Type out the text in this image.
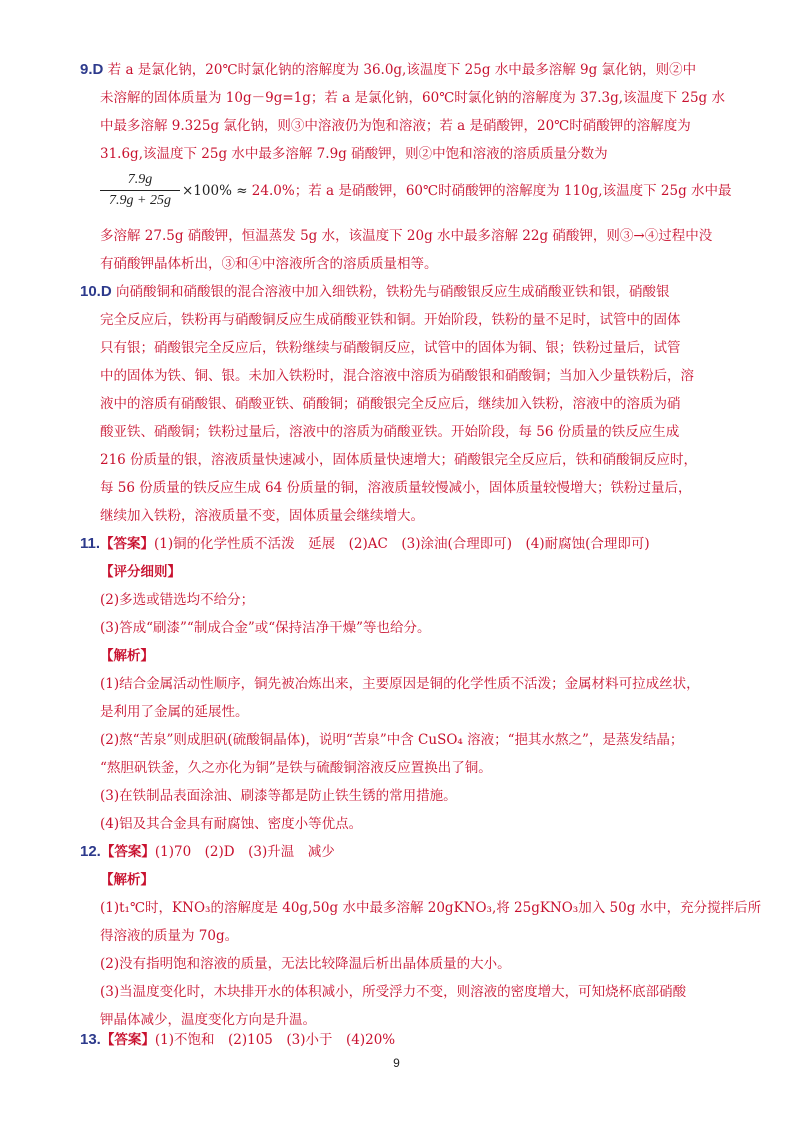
9.D 若 a 是氯化钠，20℃时氯化钠的溶解度为 36.0g,该温度下 25g 水中最多溶解 9g 氯化钠，则②中
未溶解的固体质量为 10g－9g=1g；若 a 是氯化钠，60℃时氯化钠的溶解度为 37.3g,该温度下 25g 水
中最多溶解 9.325g 氯化钠，则③中溶液仍为饱和溶液；若 a 是硝酸钾，20℃时硝酸钾的溶解度为
31.6g,该温度下 25g 水中最多溶解 7.9g 硝酸钾，则②中饱和溶液的溶质质量分数为
$\frac{7.9g}{7.9g + 25g} \times 100\% \approx 24.0\%$；若 a 是硝酸钾，60℃时硝酸钾的溶解度为 110g,该温度下 25g 水中最
多溶解 27.5g 硝酸钾，恒温蒸发 5g 水，该温度下 20g 水中最多溶解 22g 硝酸钾，则③→④过程中没
有硝酸钾晶体析出，③和④中溶液所含的溶质质量相等。
10.D 向硝酸铜和硝酸银的混合溶液中加入细铁粉，铁粉先与硝酸银反应生成硝酸亚铁和银，硝酸银
完全反应后，铁粉再与硝酸铜反应生成硝酸亚铁和铜。开始阶段，铁粉的量不足时，试管中的固体
只有银；硝酸银完全反应后，铁粉继续与硝酸铜反应，试管中的固体为铜、银；铁粉过量后，试管
中的固体为铁、铜、银。未加入铁粉时，混合溶液中溶质为硝酸银和硝酸铜；当加入少量铁粉后，溶
液中的溶质有硝酸银、硝酸亚铁、硝酸铜；硝酸银完全反应后，继续加入铁粉，溶液中的溶质为硝
酸亚铁、硝酸铜；铁粉过量后，溶液中的溶质为硝酸亚铁。开始阶段，每 56 份质量的铁反应生成
216 份质量的银，溶液质量快速减小，固体质量快速增大；硝酸银完全反应后，铁和硝酸铜反应时，
每 56 份质量的铁反应生成 64 份质量的铜，溶液质量较慢减小，固体质量较慢增大；铁粉过量后，
继续加入铁粉，溶液质量不变，固体质量会继续增大。
11.【答案】(1)铜的化学性质不活泼　延展　(2)AC　(3)涂油(合理即可)　(4)耐腐蚀(合理即可)
【评分细则】
(2)多选或错选均不给分；
(3)答成“刷漆”“制成合金”或“保持洁净干燥”等也给分。
【解析】
(1)结合金属活动性顺序，铜先被冶炼出来，主要原因是铜的化学性质不活泼；金属材料可拉成丝状，
是利用了金属的延展性。
(2)熬“苦泉”则成胆矾(硫酸铜晶体)，说明“苦泉”中含 CuSO₄ 溶液；“挹其水熬之”，是蒸发结晶；
“熬胆矾铁釜，久之亦化为铜”是铁与硫酸铜溶液反应置换出了铜。
(3)在铁制品表面涂油、刷漆等都是防止铁生锈的常用措施。
(4)铝及其合金具有耐腐蚀、密度小等优点。
12.【答案】(1)70　(2)D　(3)升温　减少
【解析】
(1)t₁℃时，KNO₃的溶解度是 40g,50g 水中最多溶解 20gKNO₃,将 25gKNO₃加入 50g 水中，充分搅拌后所
得溶液的质量为 70g。
(2)没有指明饱和溶液的质量，无法比较降温后析出晶体质量的大小。
(3)当温度变化时，木块排开水的体积减小，所受浮力不变，则溶液的密度增大，可知烧杯底部硝酸
钾晶体减少，温度变化方向是升温。
13.【答案】(1)不饱和　(2)105　(3)小于　(4)20%
9
